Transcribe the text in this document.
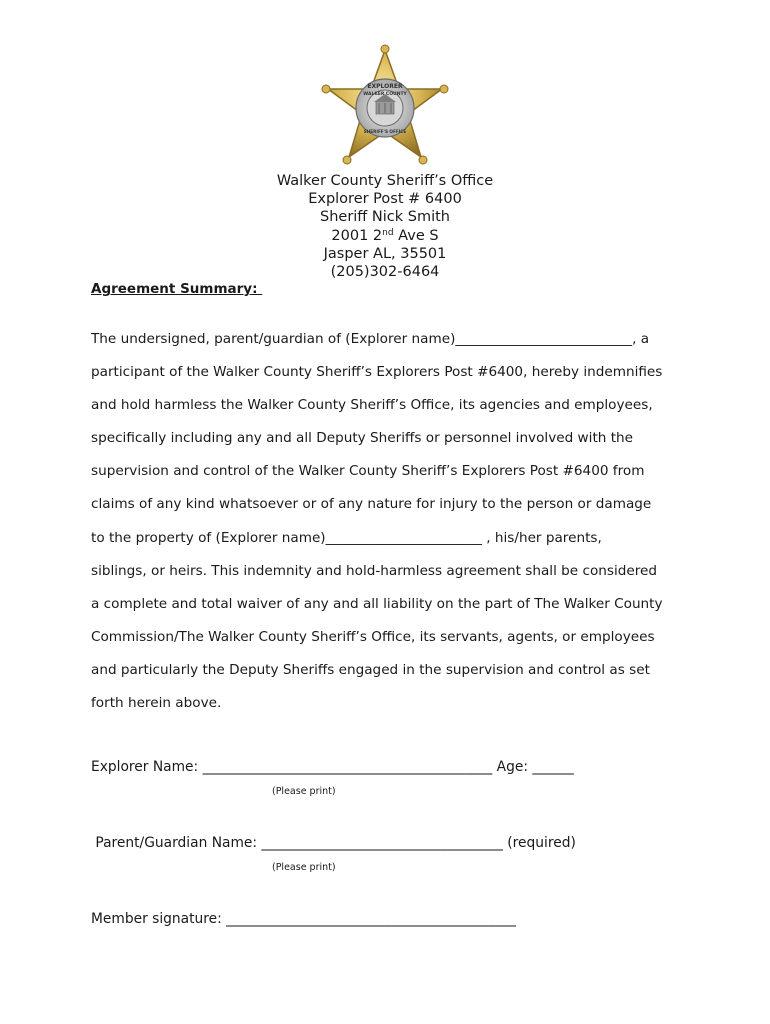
EXPLORER
WALKER COUNTY
SHERIFF'S OFFICE
Walker County Sheriff’s Office
Explorer Post # 6400
Sheriff Nick Smith
2001 2nd Ave S
Jasper AL, 35501
(205)302-6464
Agreement Summary:
The undersigned, parent/guardian of (Explorer name)__________________________, a
participant of the Walker County Sheriff’s Explorers Post #6400, hereby indemnifies
and hold harmless the Walker County Sheriff’s Office, its agencies and employees,
specifically including any and all Deputy Sheriffs or personnel involved with the
supervision and control of the Walker County Sheriff’s Explorers Post #6400 from
claims of any kind whatsoever or of any nature for injury to the person or damage
to the property of (Explorer name)_______________________ , his/her parents,
siblings, or heirs. This indemnity and hold-harmless agreement shall be considered
a complete and total waiver of any and all liability on the part of The Walker County
Commission/The Walker County Sheriff’s Office, its servants, agents, or employees
and particularly the Deputy Sheriffs engaged in the supervision and control as set
forth herein above.
Explorer Name: __________________________________________ Age: ______
(Please print)
Parent/Guardian Name: ___________________________________ (required)
(Please print)
Member signature: __________________________________________
